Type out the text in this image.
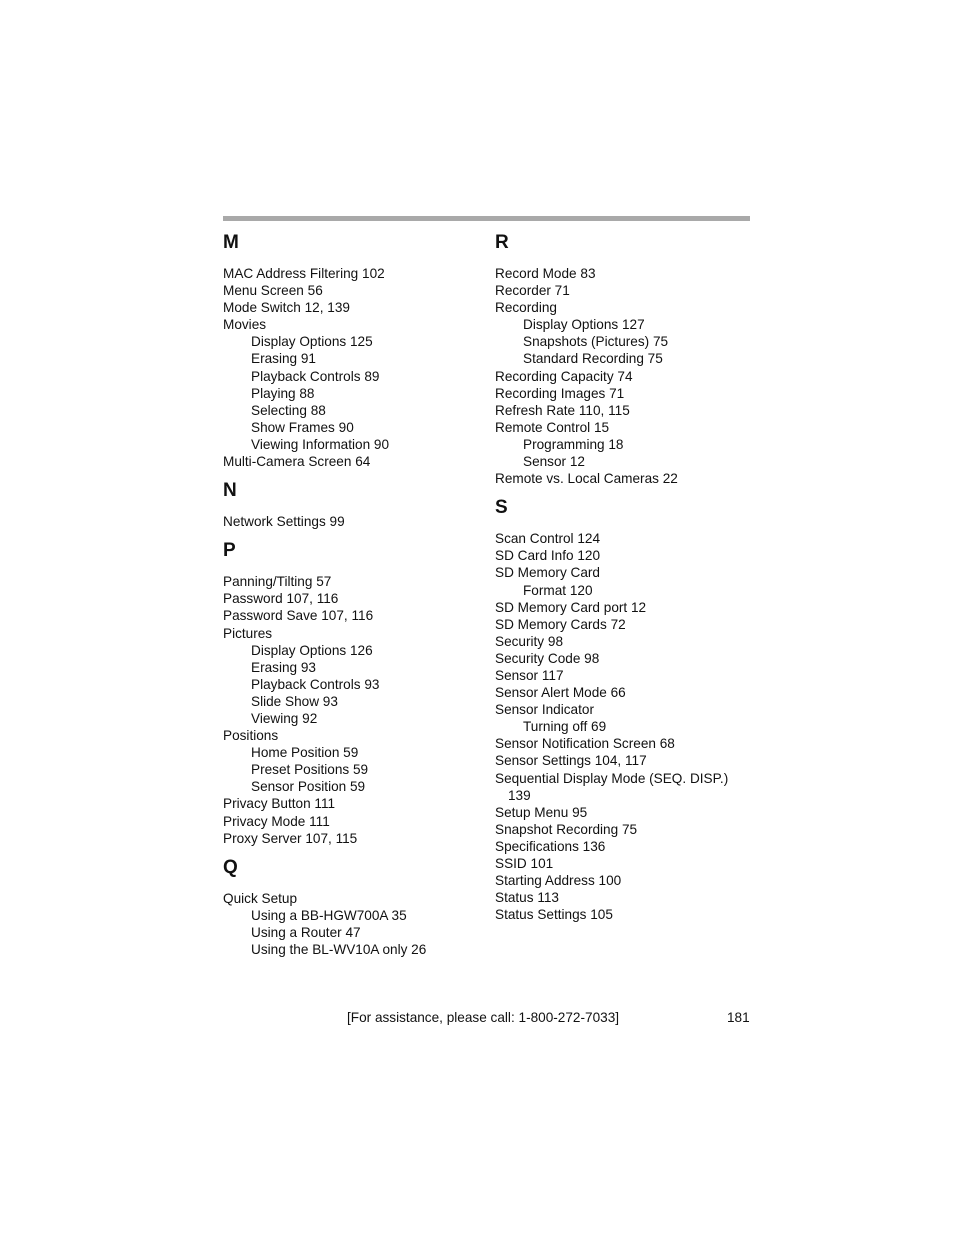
M
MAC Address Filtering 102
Menu Screen 56
Mode Switch 12, 139
Movies
Display Options 125
Erasing 91
Playback Controls 89
Playing 88
Selecting 88
Show Frames 90
Viewing Information 90
Multi-Camera Screen 64
N
Network Settings 99
P
Panning/Tilting 57
Password 107, 116
Password Save 107, 116
Pictures
Display Options 126
Erasing 93
Playback Controls 93
Slide Show 93
Viewing 92
Positions
Home Position 59
Preset Positions 59
Sensor Position 59
Privacy Button 111
Privacy Mode 111
Proxy Server 107, 115
Q
Quick Setup
Using a BB-HGW700A 35
Using a Router 47
Using the BL-WV10A only 26
R
Record Mode 83
Recorder 71
Recording
Display Options 127
Snapshots (Pictures) 75
Standard Recording 75
Recording Capacity 74
Recording Images 71
Refresh Rate 110, 115
Remote Control 15
Programming 18
Sensor 12
Remote vs. Local Cameras 22
S
Scan Control 124
SD Card Info 120
SD Memory Card
Format 120
SD Memory Card port 12
SD Memory Cards 72
Security 98
Security Code 98
Sensor 117
Sensor Alert Mode 66
Sensor Indicator
Turning off 69
Sensor Notification Screen 68
Sensor Settings 104, 117
Sequential Display Mode (SEQ. DISP.)
139
Setup Menu 95
Snapshot Recording 75
Specifications 136
SSID 101
Starting Address 100
Status 113
Status Settings 105
[For assistance, please call: 1-800-272-7033]	181
